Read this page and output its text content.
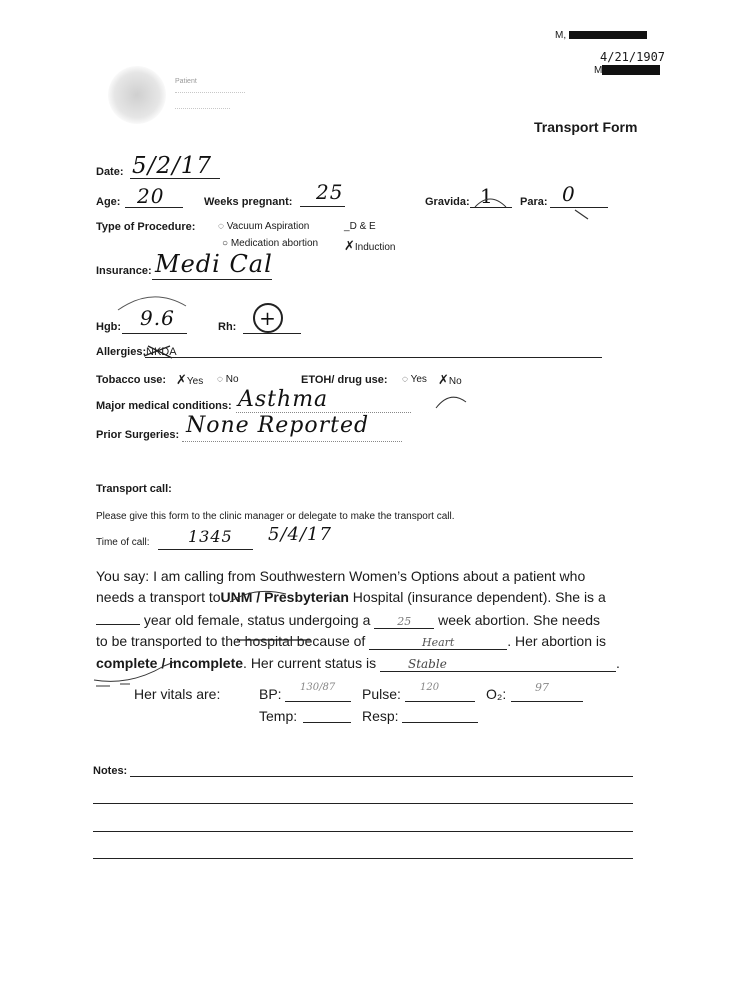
M,
4/21/1907
M
Patient
Transport Form
Date: 5/2/17
Age: 20	Weeks pregnant: 25	Gravida: 1 Para: 0
Type of Procedure: ◌ Vacuum Aspiration	_D & E
○ Medication abortion ✗Induction
Insurance: Medi Cal
Hgb: 9.6	Rh:	+
Allergies: NKDA
Tobacco use: ✗Yes ◌ No	ETOH/ drug use: ◌ Yes ✗No
Major medical conditions: Asthma
Prior Surgeries: None Reported
Transport call:
Please give this form to the clinic manager or delegate to make the transport call.
Time of call: 1345 5/4/17
You say: I am calling from Southwestern Women’s Options about a patient who
needs a transport toUNM / Presbyterian Hospital (insurance dependent). She is a
year old female, status undergoing a 25 week abortion. She needs
to be transported to the hospital because of	Heart	. Her abortion is
complete / incomplete. Her current status is	Stable	.
Her vitals are:	BP: 130/87 Pulse: 120	O₂:	97
Temp:	Resp:
Notes:
